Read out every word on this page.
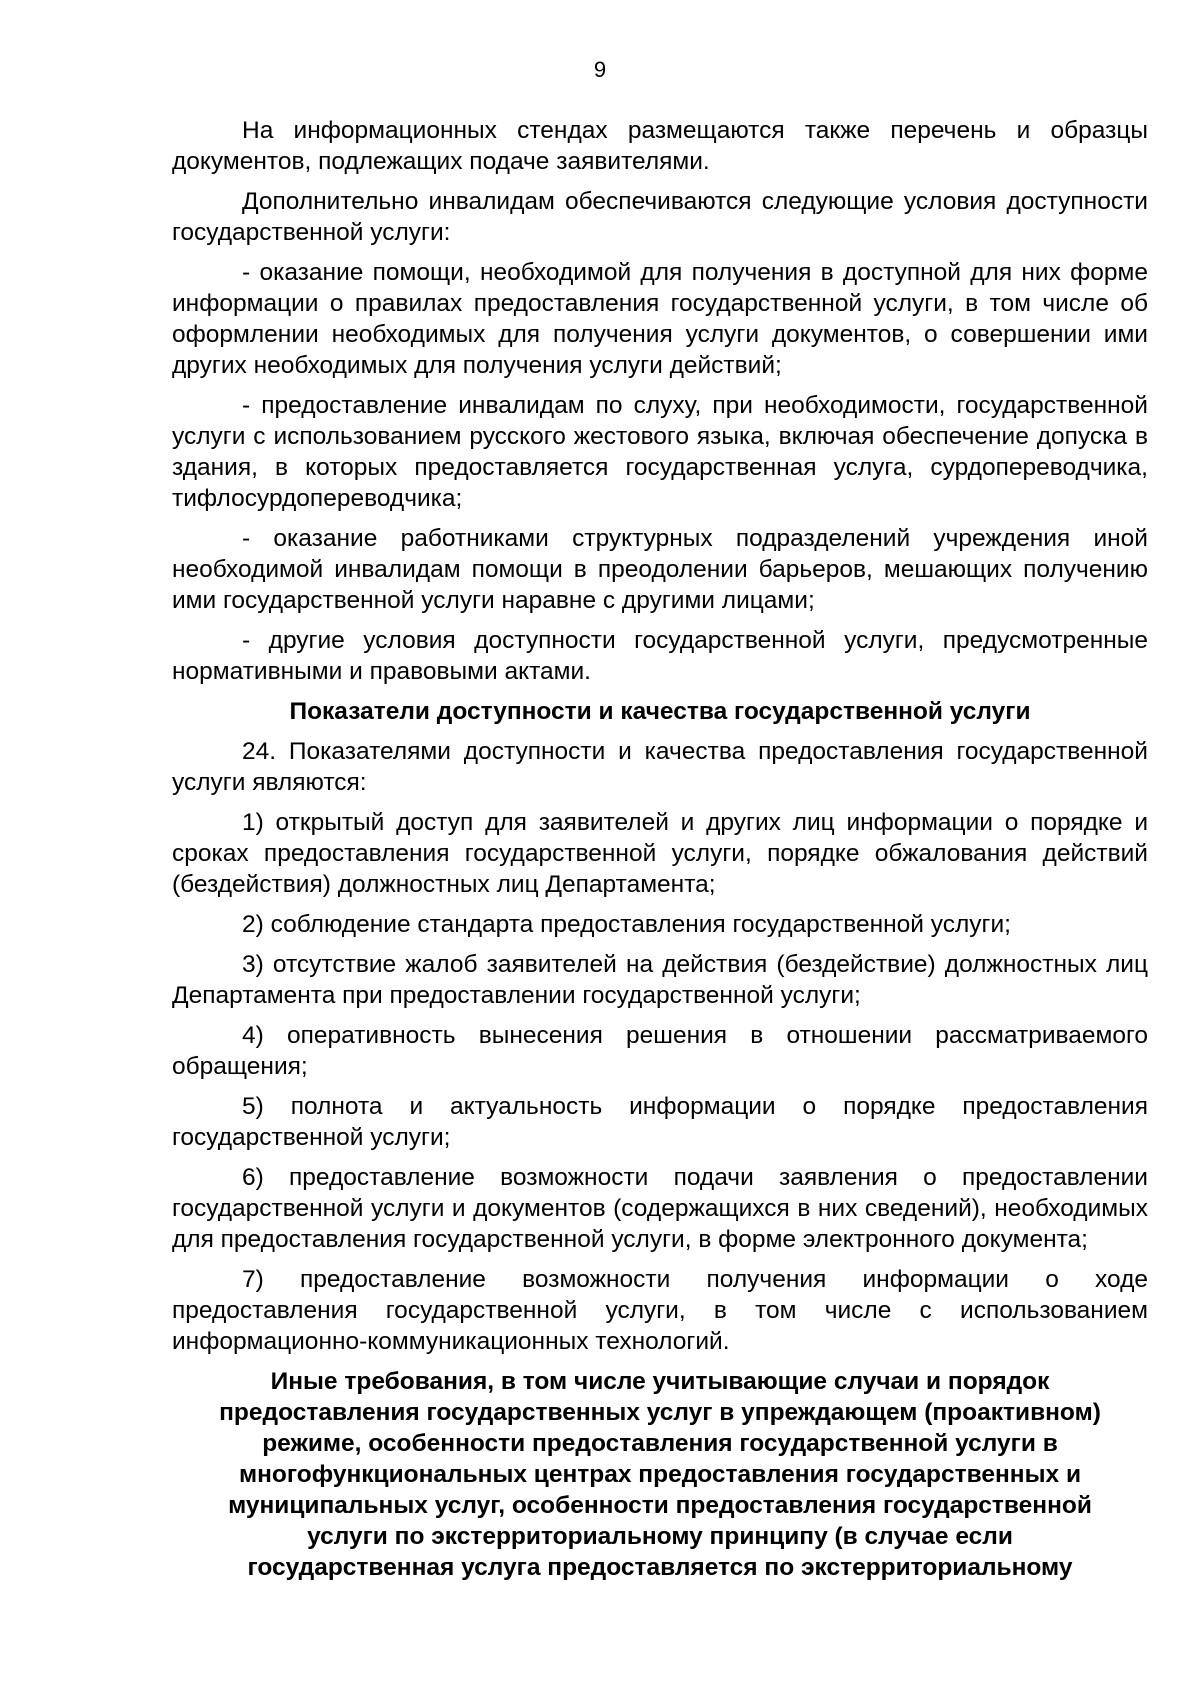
9

На информационных стендах размещаются также перечень и образцы документов, подлежащих подаче заявителями.

Дополнительно инвалидам обеспечиваются следующие условия доступности государственной услуги:

- оказание помощи, необходимой для получения в доступной для них форме информации о правилах предоставления государственной услуги, в том числе об оформлении необходимых для получения услуги документов, о совершении ими других необходимых для получения услуги действий;

- предоставление инвалидам по слуху, при необходимости, государственной услуги с использованием русского жестового языка, включая обеспечение допуска в здания, в которых предоставляется государственная услуга, сурдопереводчика, тифлосурдопереводчика;

- оказание работниками структурных подразделений учреждения иной необходимой инвалидам помощи в преодолении барьеров, мешающих получению ими государственной услуги наравне с другими лицами;

- другие условия доступности государственной услуги, предусмотренные нормативными и правовыми актами.

Показатели доступности и качества государственной услуги

24. Показателями доступности и качества предоставления государственной услуги являются:

1) открытый доступ для заявителей и других лиц информации о порядке и сроках предоставления государственной услуги, порядке обжалования действий (бездействия) должностных лиц Департамента;

2) соблюдение стандарта предоставления государственной услуги;

3) отсутствие жалоб заявителей на действия (бездействие) должностных лиц Департамента при предоставлении государственной услуги;

4) оперативность вынесения решения в отношении рассматриваемого обращения;

5) полнота и актуальность информации о порядке предоставления государственной услуги;

6) предоставление возможности подачи заявления о предоставлении государственной услуги и документов (содержащихся в них сведений), необходимых для предоставления государственной услуги, в форме электронного документа;

7) предоставление возможности получения информации о ходе предоставления государственной услуги, в том числе с использованием информационно-коммуникационных технологий.

Иные требования, в том числе учитывающие случаи и порядок
предоставления государственных услуг в упреждающем (проактивном)
режиме, особенности предоставления государственной услуги в
многофункциональных центрах предоставления государственных и
муниципальных услуг, особенности предоставления государственной
услуги по экстерриториальному принципу (в случае если
государственная услуга предоставляется по экстерриториальному
